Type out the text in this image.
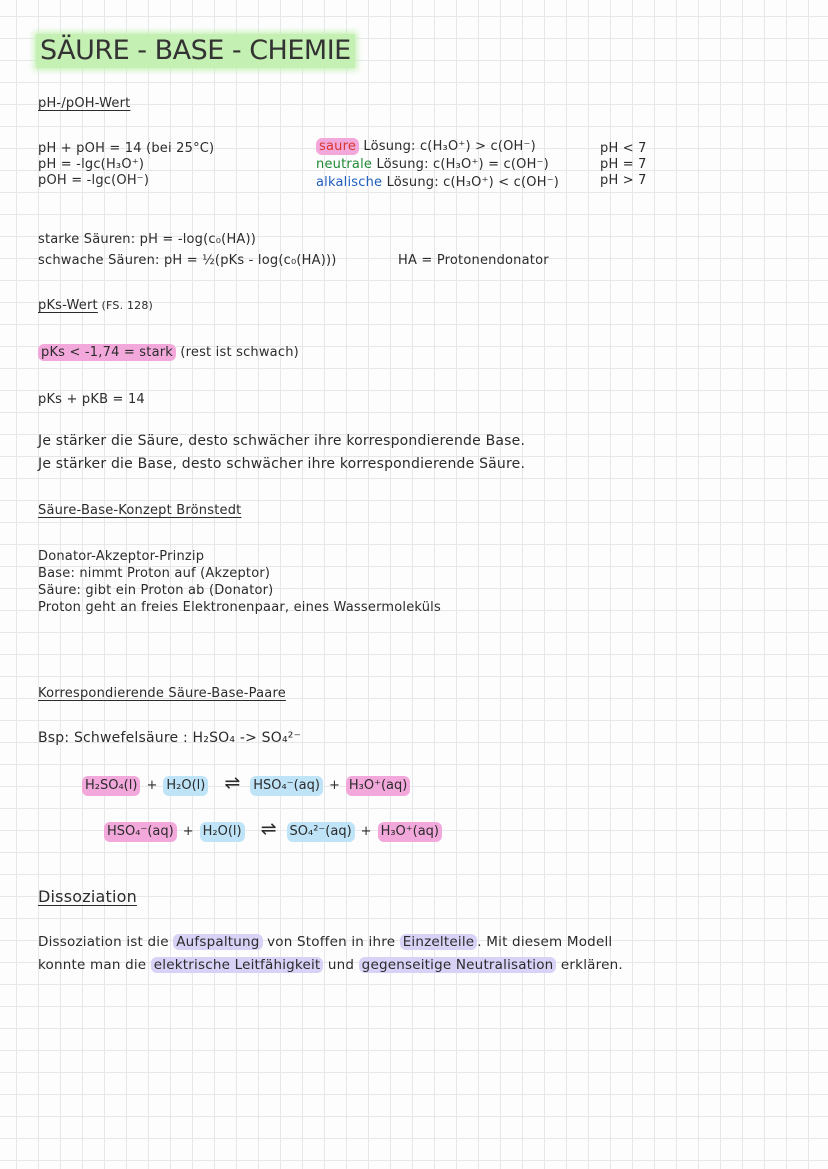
SÄURE - BASE - CHEMIE
pH-/pOH-Wert
pH + pOH = 14 (bei 25°C)
pH = -lgc(H₃O⁺)
pOH = -lgc(OH⁻)
saure Lösung: c(H₃O⁺) > c(OH⁻)
neutrale Lösung: c(H₃O⁺) = c(OH⁻)
alkalische Lösung: c(H₃O⁺) < c(OH⁻)
pH < 7
pH = 7
pH > 7
starke Säuren: pH = -log(c₀(HA))
schwache Säuren: pH = ½(pKs - log(c₀(HA)))	HA = Protonendonator
pKs-Wert (FS. 128)
pKs < -1,74 = stark (rest ist schwach)
pKs + pKB = 14
Je stärker die Säure, desto schwächer ihre korrespondierende Base.
Je stärker die Base, desto schwächer ihre korrespondierende Säure.
Säure-Base-Konzept Brönstedt
Donator-Akzeptor-Prinzip
Base: nimmt Proton auf (Akzeptor)
Säure: gibt ein Proton ab (Donator)
Proton geht an freies Elektronenpaar, eines Wassermoleküls
Korrespondierende Säure-Base-Paare
Bsp: Schwefelsäure : H₂SO₄ -> SO₄²⁻
H₂SO₄(l) + H₂O(l) ⇌ HSO₄⁻(aq) + H₃O⁺(aq)
HSO₄⁻(aq) + H₂O(l) ⇌ SO₄²⁻(aq) + H₃O⁺(aq)
Dissoziation
Dissoziation ist die Aufspaltung von Stoffen in ihre Einzelteile . Mit diesem Modell
konnte man die elektrische Leitfähigkeit und gegenseitige Neutralisation erklären.
